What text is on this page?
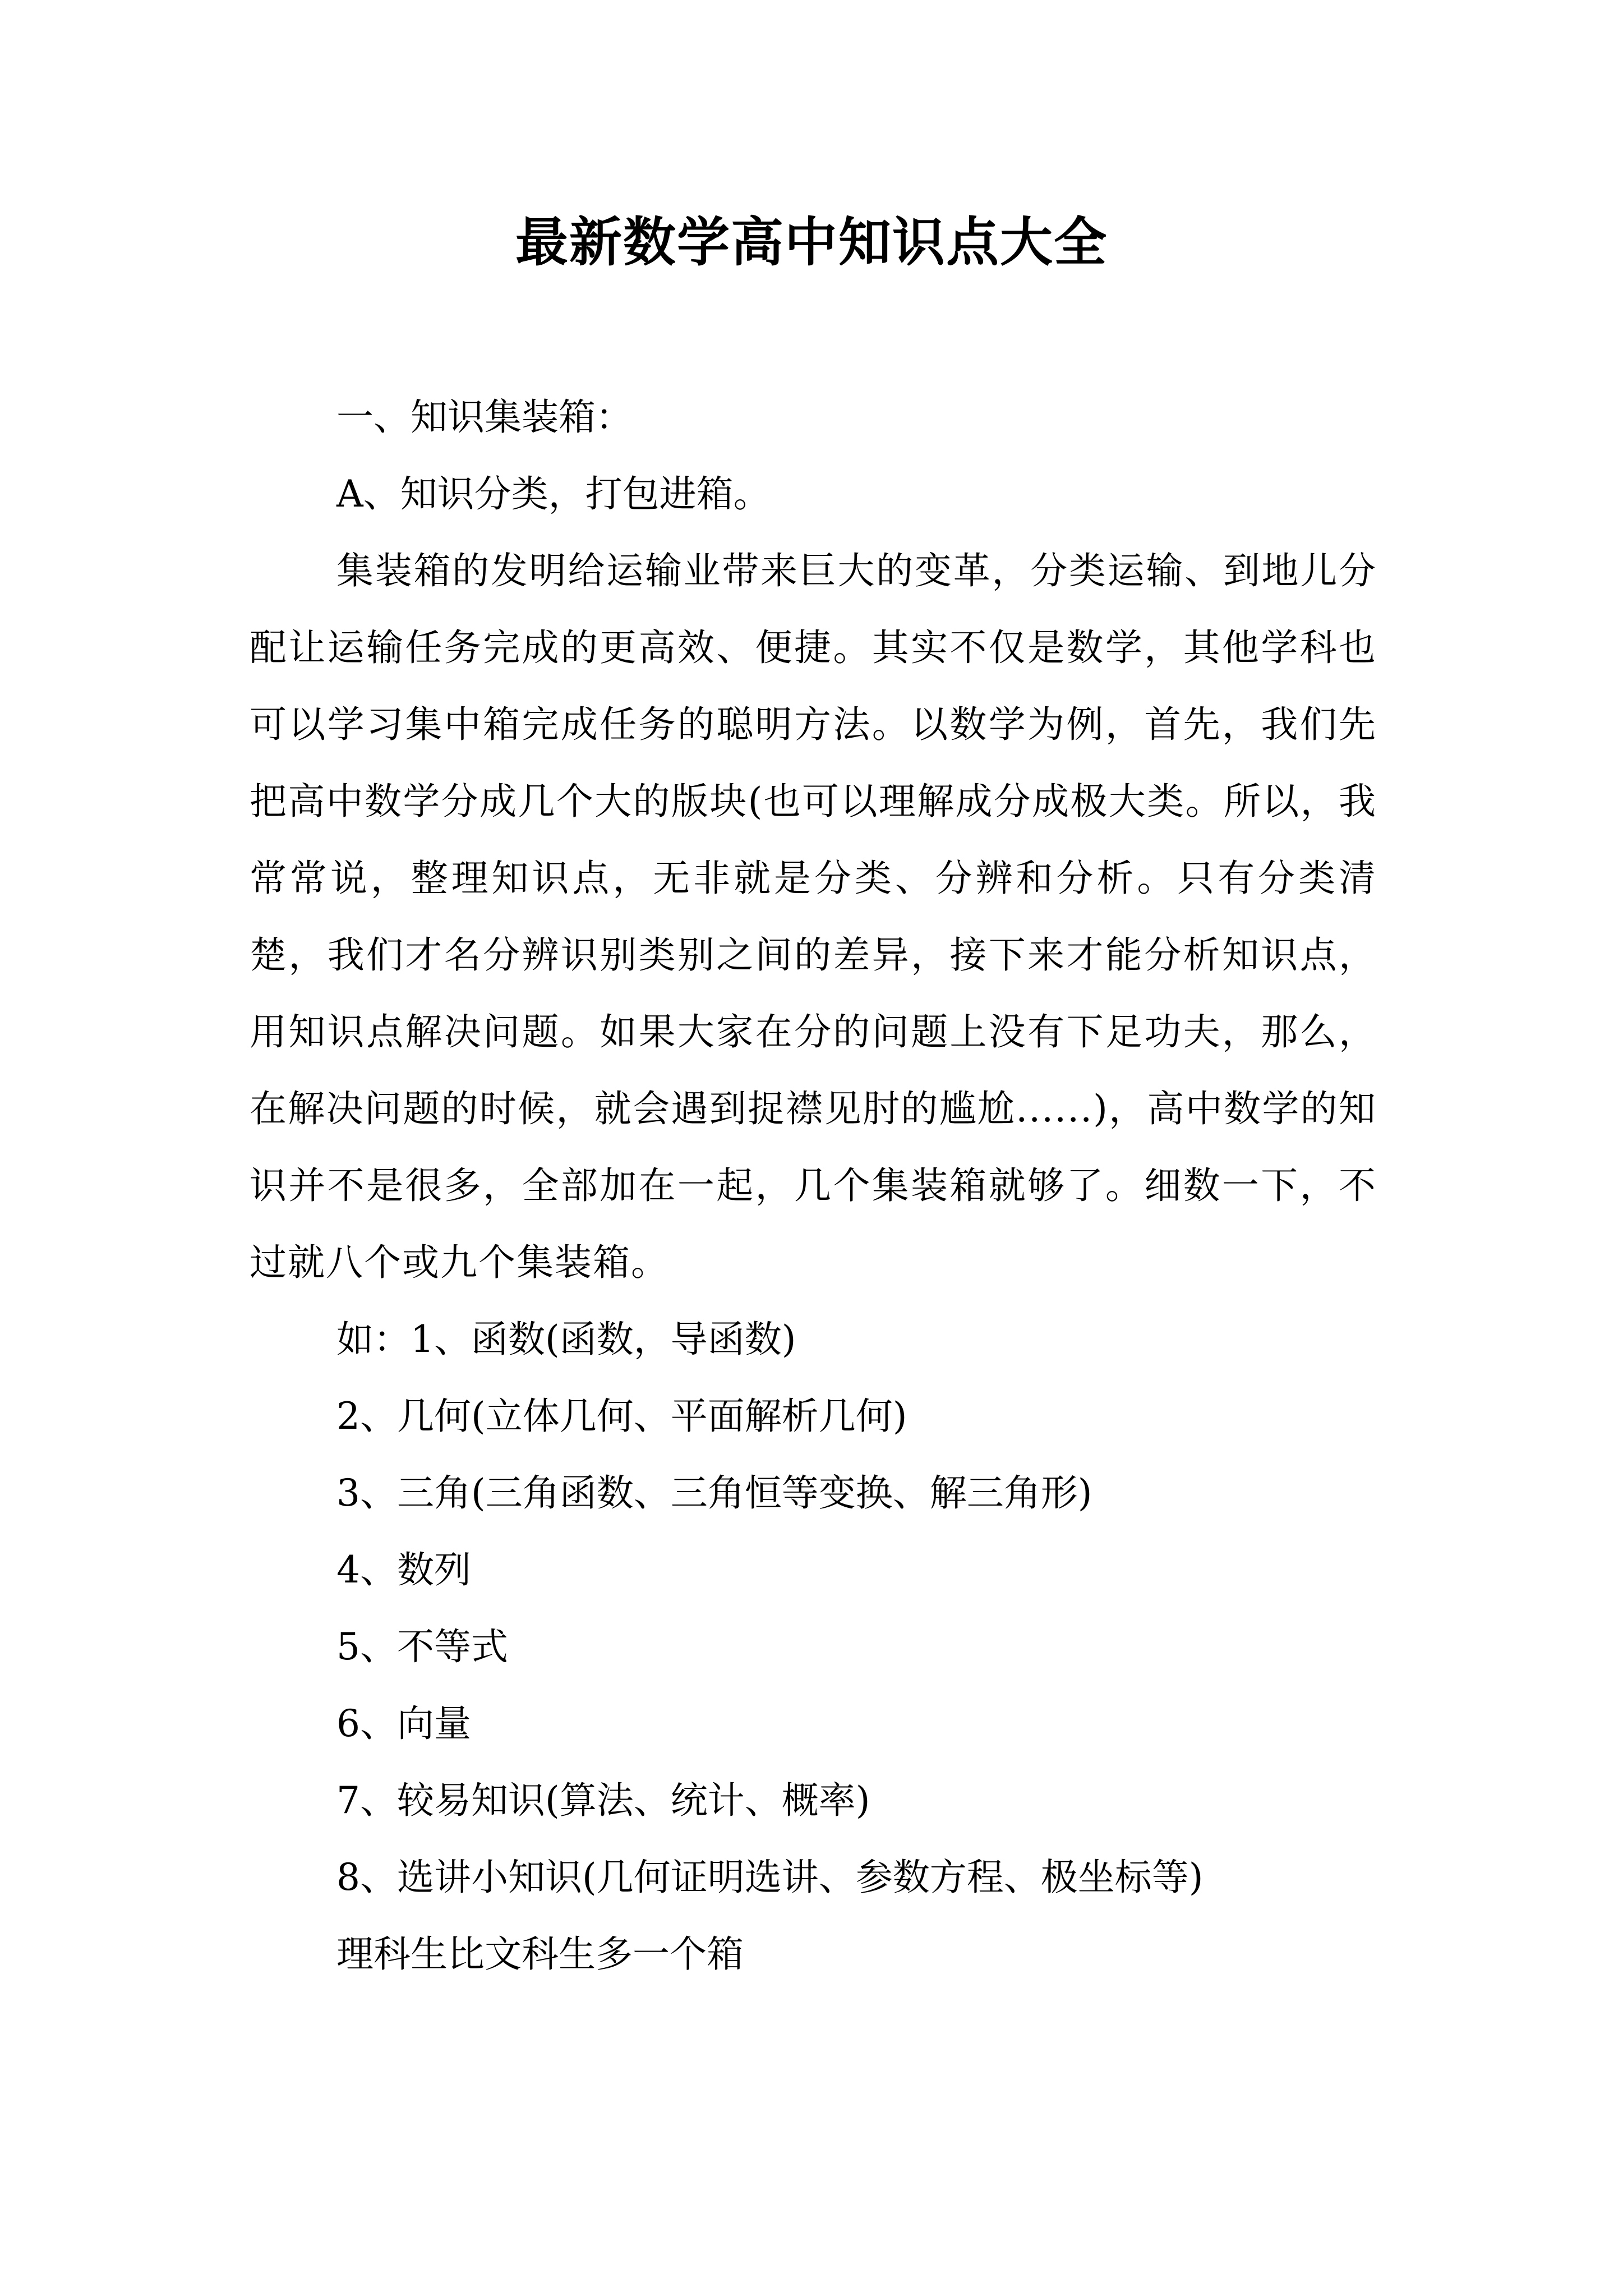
最新数学高中知识点大全
一、知识集装箱：
A、知识分类，打包进箱。
集装箱的发明给运输业带来巨大的变革，分类运输、到地儿分配让运输任务完成的更高效、便捷。其实不仅是数学，其他学科也可以学习集中箱完成任务的聪明方法。以数学为例，首先，我们先把高中数学分成几个大的版块(也可以理解成分成极大类。所以，我常常说，整理知识点，无非就是分类、分辨和分析。只有分类清楚，我们才名分辨识别类别之间的差异，接下来才能分析知识点，用知识点解决问题。如果大家在分的问题上没有下足功夫，那么，在解决问题的时候，就会遇到捉襟见肘的尴尬......)，高中数学的知识并不是很多，全部加在一起，几个集装箱就够了。细数一下，不过就八个或九个集装箱。
如：1、函数(函数，导函数)
2、几何(立体几何、平面解析几何)
3、三角(三角函数、三角恒等变换、解三角形)
4、数列
5、不等式
6、向量
7、较易知识(算法、统计、概率)
8、选讲小知识(几何证明选讲、参数方程、极坐标等)
理科生比文科生多一个箱
